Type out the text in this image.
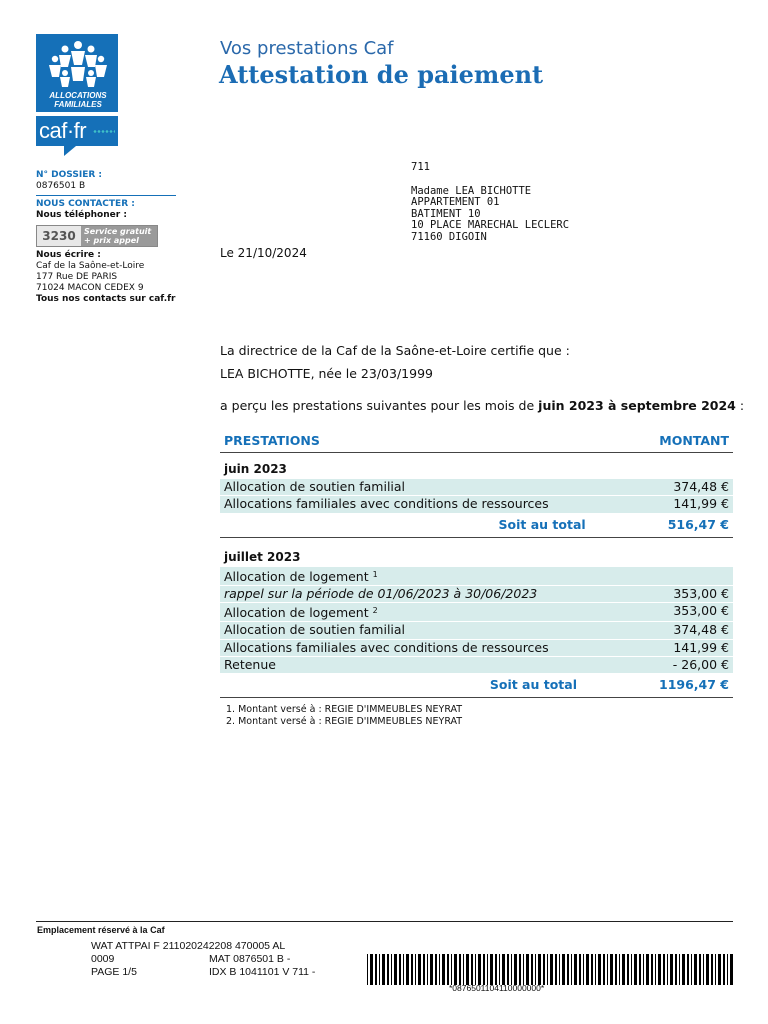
ALLOCATIONS
FAMILIALES
caf·fr
Vos prestations Caf
Attestation de paiement
N° DOSSIER :
0876501 B
NOUS CONTACTER :
Nous téléphoner :
3230	Service gratuit
+ prix appel
Nous écrire :
Caf de la Saône-et-Loire
177 Rue DE PARIS
71024 MACON CEDEX 9
Tous nos contacts sur caf.fr
711
Madame LEA BICHOTTE
APPARTEMENT 01
BATIMENT 10
10 PLACE MARECHAL LECLERC
71160 DIGOIN
Le 21/10/2024
La directrice de la Caf de la Saône-et-Loire certifie que :
LEA BICHOTTE, née le 23/03/1999
a perçu les prestations suivantes pour les mois de juin 2023 à septembre 2024 :
PRESTATIONS	MONTANT
juin 2023
Allocation de soutien familial	374,48 €
Allocations familiales avec conditions de ressources	141,99 €
Soit au total	516,47 €
juillet 2023
Allocation de logement $^1$
rappel sur la période de 01/06/2023 à 30/06/2023	353,00 €
Allocation de logement $^2$	353,00 €
Allocation de soutien familial	374,48 €
Allocations familiales avec conditions de ressources	141,99 €
Retenue	- 26,00 €
Soit au total	1196,47 €
1. Montant versé à : REGIE D'IMMEUBLES NEYRAT
2. Montant versé à : REGIE D'IMMEUBLES NEYRAT
Emplacement réservé à la Caf
WAT ATTPAI F 211020242208 470005 AL
0009	MAT 0876501 B -
PAGE 1/5	IDX B 1041101 V 711 -
*0876501104110000000*
